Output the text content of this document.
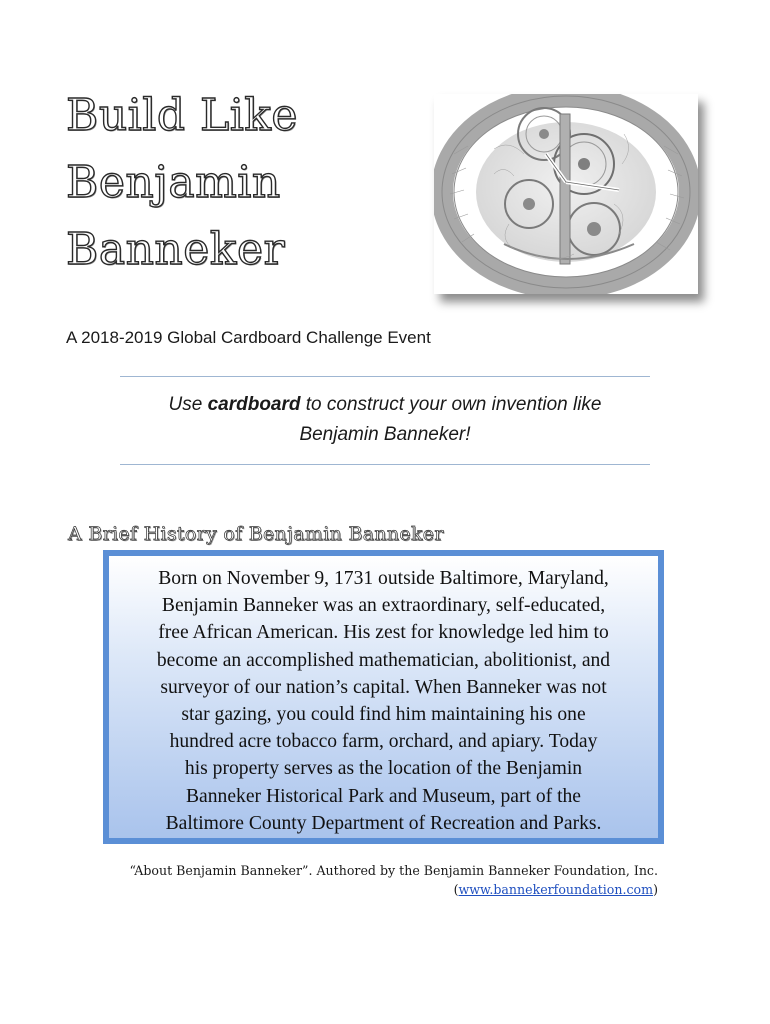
Build Like
Benjamin
Banneker
A 2018-2019 Global Cardboard Challenge Event
Use cardboard to construct your own invention like
Benjamin Banneker!
A Brief History of Benjamin Banneker
Born on November 9, 1731 outside Baltimore, Maryland,
Benjamin Banneker was an extraordinary, self-educated,
free African American. His zest for knowledge led him to
become an accomplished mathematician, abolitionist, and
surveyor of our nation’s capital. When Banneker was not
star gazing, you could find him maintaining his one
hundred acre tobacco farm, orchard, and apiary. Today
his property serves as the location of the Benjamin
Banneker Historical Park and Museum, part of the
Baltimore County Department of Recreation and Parks.
“About Benjamin Banneker”. Authored by the Benjamin Banneker Foundation, Inc.
(www.bannekerfoundation.com)
